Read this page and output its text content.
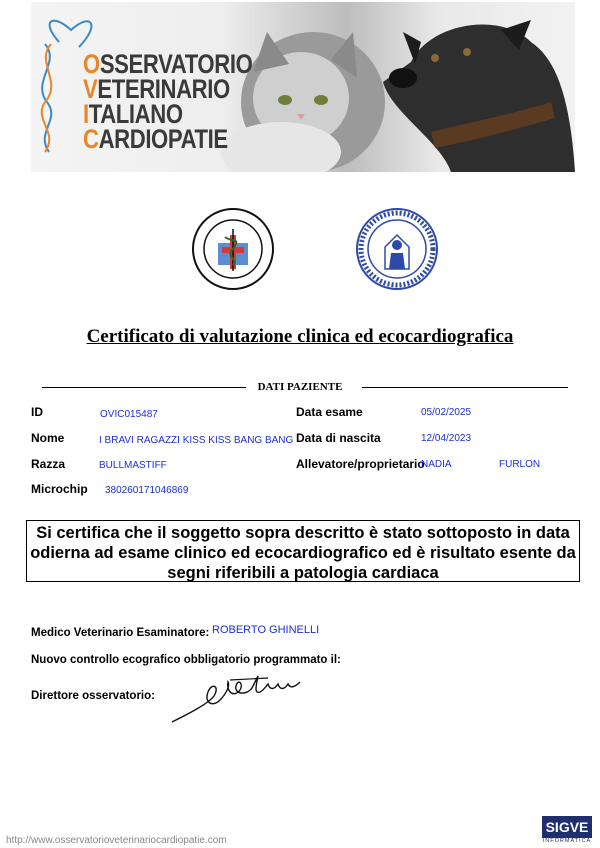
OSSERVATORIO
VETERINARIO
ITALIANO
CARDIOPATIE
Certificato di valutazione clinica ed ecocardiografica
DATI PAZIENTE
ID	OVIC015487
Nome	I BRAVI RAGAZZI KISS KISS BANG BANG
Razza	BULLMASTIFF
Microchip 380260171046869
Data esame	05/02/2025
Data di nascita	12/04/2023
Allevatore/proprietario
NADIA	FURLON
Si certifica che il soggetto sopra descritto è stato sottoposto in data
odierna ad esame clinico ed ecocardiografico ed è risultato esente da
segni riferibili a patologia cardiaca
Medico Veterinario Esaminatore: ROBERTO GHINELLI
Nuovo controllo ecografico obbligatorio programmato il:
Direttore osservatorio:
http://www.osservatorioveterinariocardiopatie.com
SIGVE
INFORMATICA
